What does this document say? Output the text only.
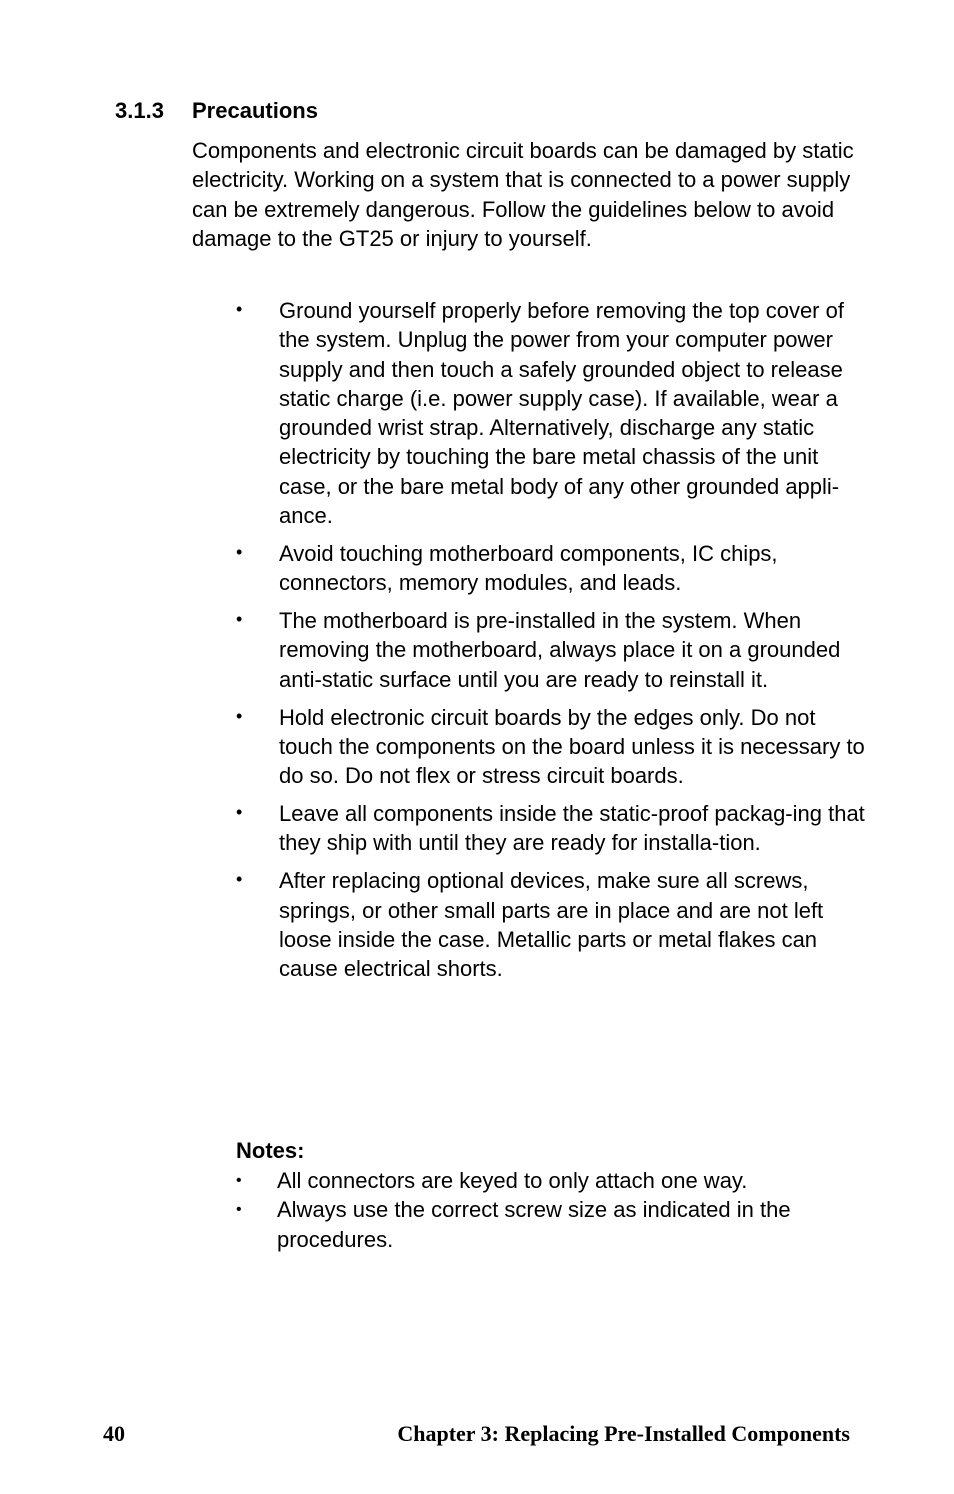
3.1.3 Precautions

Components and electronic circuit boards can be damaged by static electricity. Working on a system that is connected to a power supply can be extremely dangerous. Follow the guidelines below to avoid damage to the GT25 or injury to yourself.

• Ground yourself properly before removing the top cover of the system. Unplug the power from your computer power supply and then touch a safely grounded object to release static charge (i.e. power supply case). If available, wear a grounded wrist strap. Alternatively, discharge any static electricity by touching the bare metal chassis of the unit case, or the bare metal body of any other grounded appli-ance.
• Avoid touching motherboard components, IC chips, connectors, memory modules, and leads.
• The motherboard is pre-installed in the system. When removing the motherboard, always place it on a grounded anti-static surface until you are ready to reinstall it.
• Hold electronic circuit boards by the edges only. Do not touch the components on the board unless it is necessary to do so. Do not flex or stress circuit boards.
• Leave all components inside the static-proof packag-ing that they ship with until they are ready for installa-tion.
• After replacing optional devices, make sure all screws, springs, or other small parts are in place and are not left loose inside the case. Metallic parts or metal flakes can cause electrical shorts.
Notes:
• All connectors are keyed to only attach one way.
• Always use the correct screw size as indicated in the procedures.
40	Chapter 3: Replacing Pre-Installed Components
